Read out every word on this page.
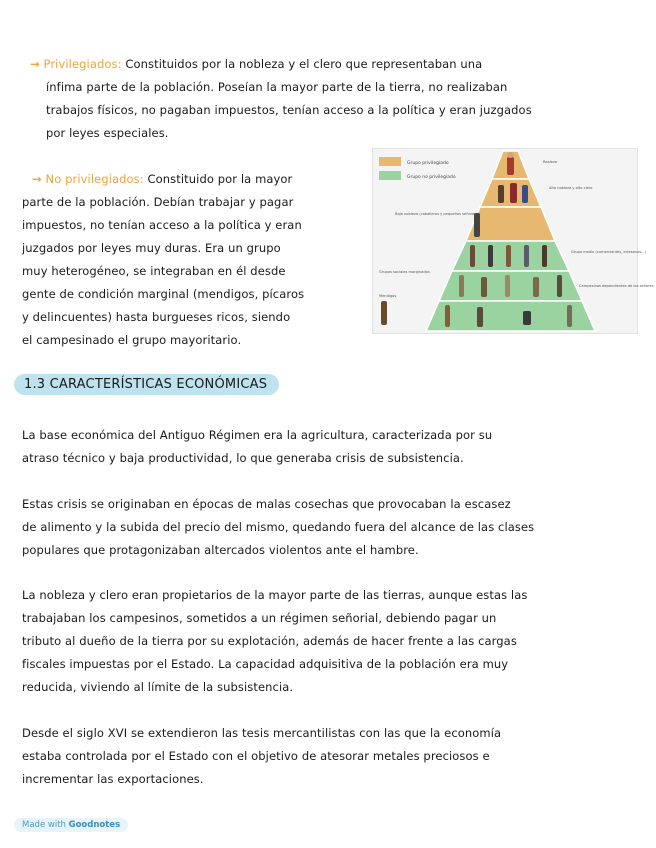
→ Privilegiados: Constituidos por la nobleza y el clero que representaban una
ínfima parte de la población. Poseían la mayor parte de la tierra, no realizaban
trabajos físicos, no pagaban impuestos, tenían acceso a la política y eran juzgados
por leyes especiales.
→ No privilegiados: Constituido por la mayor
parte de la población. Debían trabajar y pagar
impuestos, no tenían acceso a la política y eran
juzgados por leyes muy duras. Era un grupo
muy heterogéneo, se integraban en él desde
gente de condición marginal (mendigos, pícaros
y delincuentes) hasta burgueses ricos, siendo
el campesinado el grupo mayoritario.
Grupo privilegiado
Grupo no privilegiado
Realeza
Alta nobleza y alto clero
Baja nobleza (caballeros y pequeños señores)
Grupo medio (comerciantes, artesanos...)
Campesinos dependientes de los señores
Grupos sociales marginados
Mendigos
1.3 CARACTERÍSTICAS ECONÓMICAS
La base económica del Antiguo Régimen era la agricultura, caracterizada por su
atraso técnico y baja productividad, lo que generaba crisis de subsistencia.
Estas crisis se originaban en épocas de malas cosechas que provocaban la escasez
de alimento y la subida del precio del mismo, quedando fuera del alcance de las clases
populares que protagonizaban altercados violentos ante el hambre.
La nobleza y clero eran propietarios de la mayor parte de las tierras, aunque estas las
trabajaban los campesinos, sometidos a un régimen señorial, debiendo pagar un
tributo al dueño de la tierra por su explotación, además de hacer frente a las cargas
fiscales impuestas por el Estado. La capacidad adquisitiva de la población era muy
reducida, viviendo al límite de la subsistencia.
Desde el siglo XVI se extendieron las tesis mercantilistas con las que la economía
estaba controlada por el Estado con el objetivo de atesorar metales preciosos e
incrementar las exportaciones.
Made with Goodnotes
